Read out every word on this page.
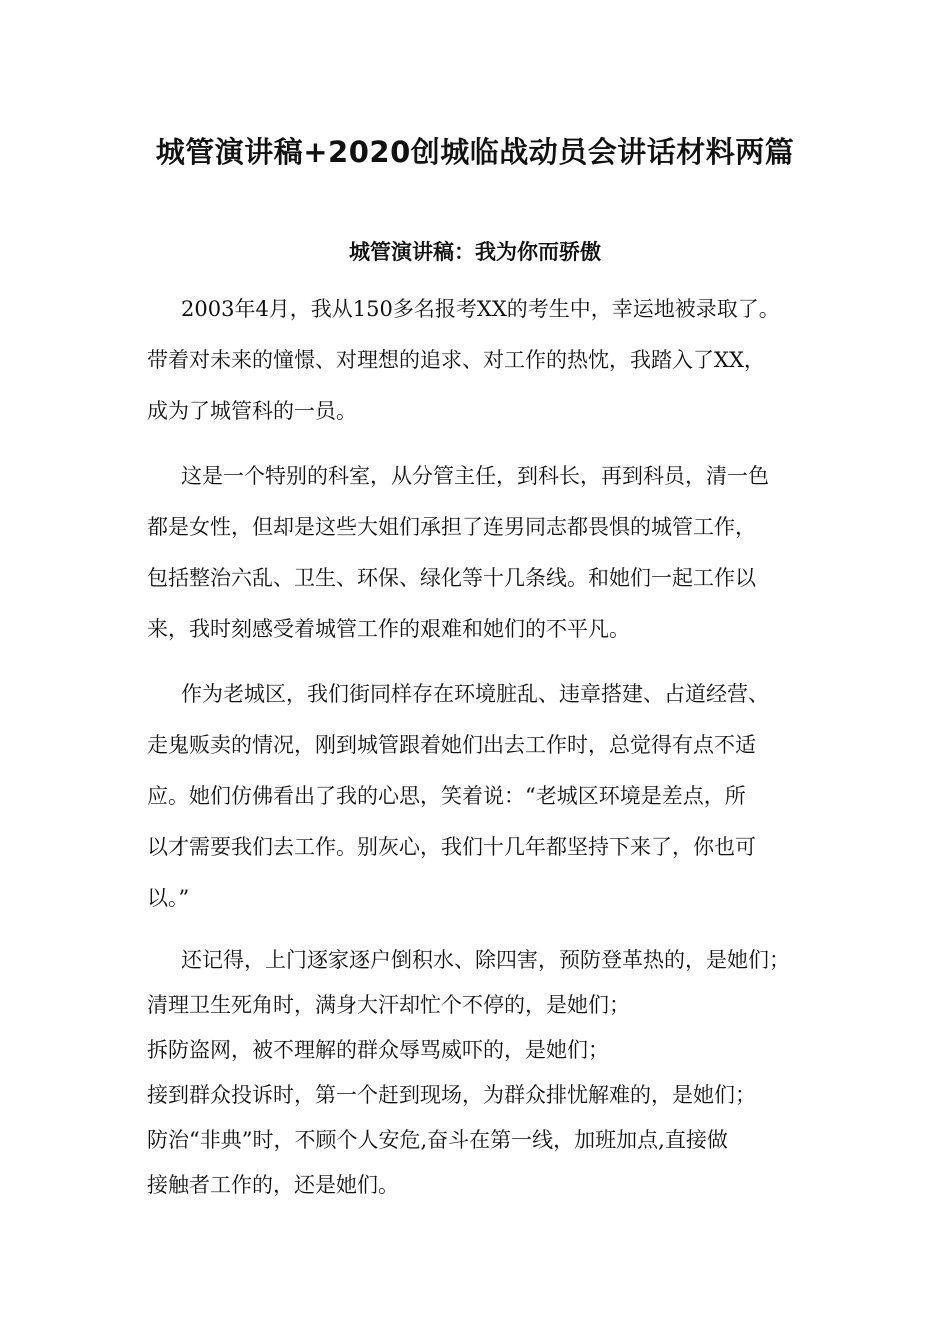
城管演讲稿+2020创城临战动员会讲话材料两篇
城管演讲稿：我为你而骄傲

2003年4月，我从150多名报考XX的考生中，幸运地被录取了。
带着对未来的憧憬、对理想的追求、对工作的热忱，我踏入了XX，
成为了城管科的一员。

这是一个特别的科室，从分管主任，到科长，再到科员，清一色
都是女性，但却是这些大姐们承担了连男同志都畏惧的城管工作，
包括整治六乱、卫生、环保、绿化等十几条线。和她们一起工作以
来，我时刻感受着城管工作的艰难和她们的不平凡。

作为老城区，我们街同样存在环境脏乱、违章搭建、占道经营、
走鬼贩卖的情况，刚到城管跟着她们出去工作时，总觉得有点不适
应。她们仿佛看出了我的心思，笑着说：“老城区环境是差点，所
以才需要我们去工作。别灰心，我们十几年都坚持下来了，你也可
以。”

还记得，上门逐家逐户倒积水、除四害，预防登革热的，是她们；
清理卫生死角时，满身大汗却忙个不停的，是她们；
拆防盗网，被不理解的群众辱骂威吓的，是她们；
接到群众投诉时，第一个赶到现场，为群众排忧解难的，是她们；
防治“非典”时，不顾个人安危,奋斗在第一线，加班加点,直接做
接触者工作的，还是她们。
